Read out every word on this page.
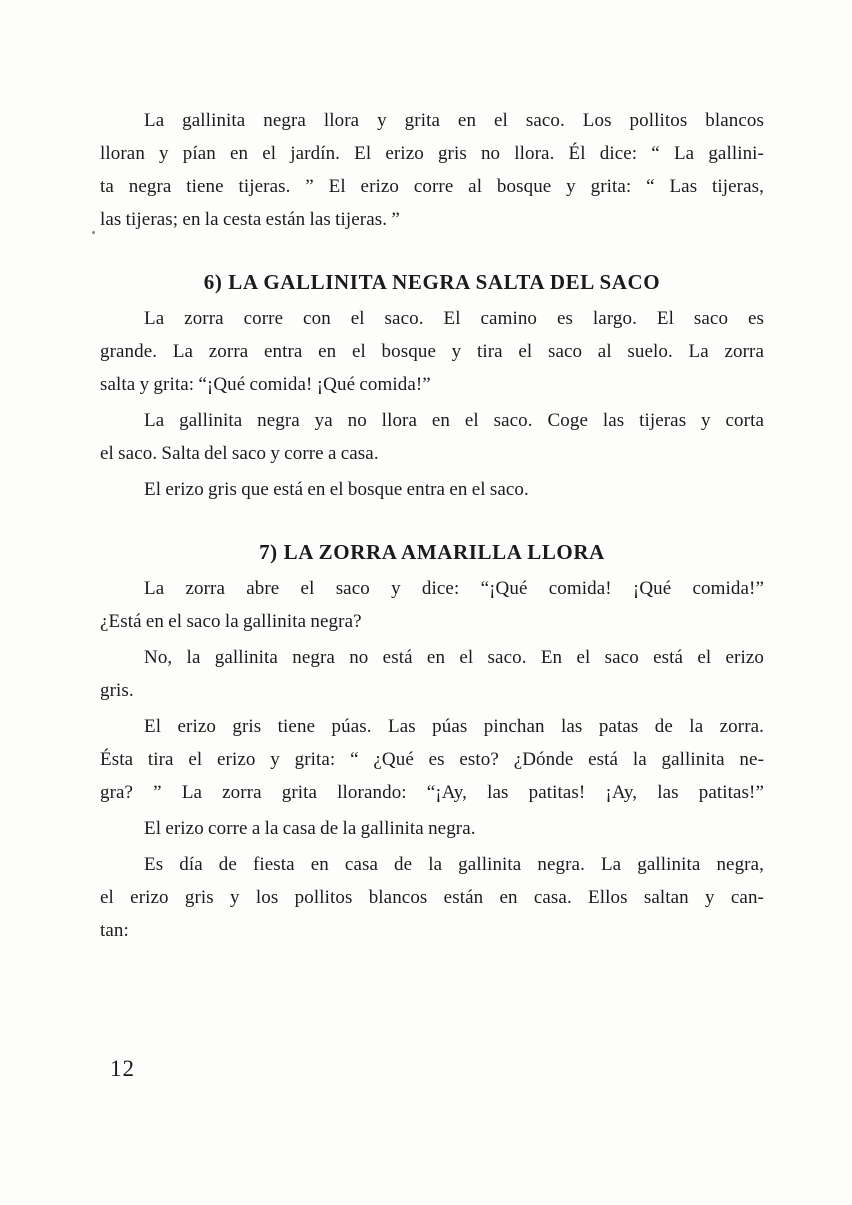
La gallinita negra llora y grita en el saco. Los pollitos blancos
lloran y pían en el jardín. El erizo gris no llora. Él dice: “ La gallini-
ta negra tiene tijeras. ” El erizo corre al bosque y grita: “ Las tijeras,
las tijeras; en la cesta están las tijeras. ”
6) LA GALLINITA NEGRA SALTA DEL SACO
La zorra corre con el saco. El camino es largo. El saco es
grande. La zorra entra en el bosque y tira el saco al suelo. La zorra
salta y grita: “¡Qué comida! ¡Qué comida!”
La gallinita negra ya no llora en el saco. Coge las tijeras y corta
el saco. Salta del saco y corre a casa.
El erizo gris que está en el bosque entra en el saco.
7) LA ZORRA AMARILLA LLORA
La zorra abre el saco y dice: “¡Qué comida! ¡Qué comida!”
¿Está en el saco la gallinita negra?
No, la gallinita negra no está en el saco. En el saco está el erizo
gris.
El erizo gris tiene púas. Las púas pinchan las patas de la zorra.
Ésta tira el erizo y grita: “ ¿Qué es esto? ¿Dónde está la gallinita ne-
gra? ” La zorra grita llorando: “¡Ay, las patitas! ¡Ay, las patitas!”
El erizo corre a la casa de la gallinita negra.
Es día de fiesta en casa de la gallinita negra. La gallinita negra,
el erizo gris y los pollitos blancos están en casa. Ellos saltan y can-
tan:
12
